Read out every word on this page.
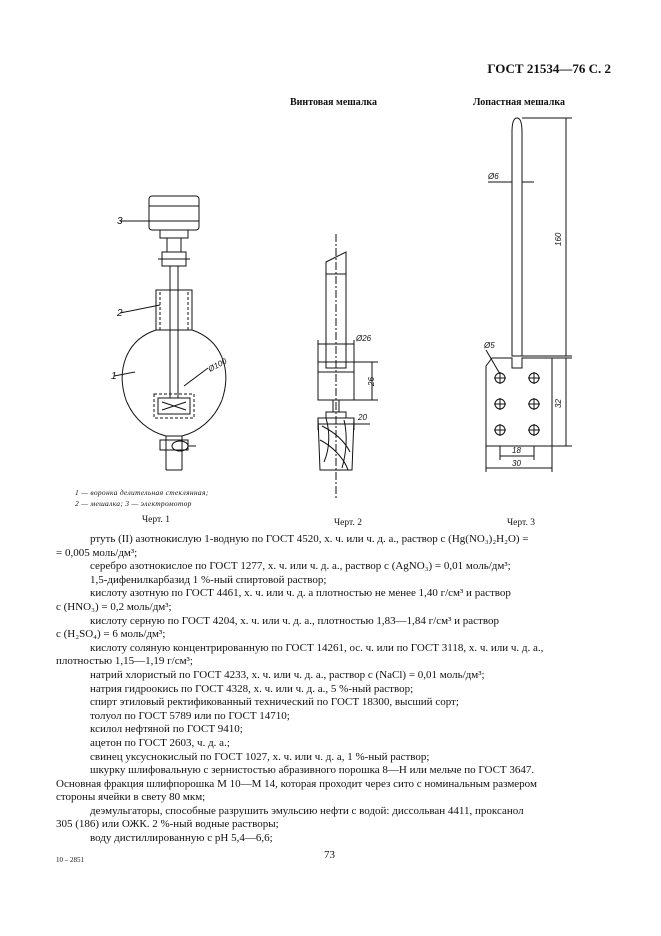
ГОСТ 21534—76 С. 2
Винтовая мешалка	Лопастная мешалка
3
2
1
Ø100
Ø26
26
20
Ø6
Ø5
160
32
18
30
1 — воронка делительная стеклянная;
2 — мешалка; 3 — электромотор
Черт. 1	Черт. 2	Черт. 3

ртуть (II) азотнокислую 1-водную по ГОСТ 4520, х. ч. или ч. д. а., раствор с (Hg(NO₃)₂H₂O) =

= 0,005 моль/дм³;

серебро азотнокислое по ГОСТ 1277, х. ч. или ч. д. а., раствор с (AgNO₃) = 0,01 моль/дм³;

1,5-дифенилкарбазид 1 %-ный спиртовой раствор;

кислоту азотную по ГОСТ 4461, х. ч. или ч. д. а плотностью не менее 1,40 г/см³ и раствор

с (HNO₃) = 0,2 моль/дм³;

кислоту серную по ГОСТ 4204, х. ч. или ч. д. а., плотностью 1,83—1,84 г/см³ и раствор

с (H₂SO₄) = 6 моль/дм³;

кислоту соляную концентрированную по ГОСТ 14261, ос. ч. или по ГОСТ 3118, х. ч. или ч. д. а.,

плотностью 1,15—1,19 г/см³;

натрий хлористый по ГОСТ 4233, х. ч. или ч. д. а., раствор с (NaCl) = 0,01 моль/дм³;

натрия гидроокись по ГОСТ 4328, х. ч. или ч. д. а., 5 %-ный раствор;

спирт этиловый ректификованный технический по ГОСТ 18300, высший сорт;

толуол по ГОСТ 5789 или по ГОСТ 14710;

ксилол нефтяной по ГОСТ 9410;

ацетон по ГОСТ 2603, ч. д. а.;

свинец уксуснокислый по ГОСТ 1027, х. ч. или ч. д. а, 1 %-ный раствор;

шкурку шлифовальную с зернистостью абразивного порошка 8—Н или мельче по ГОСТ 3647.

Основная фракция шлифпорошка М 10—М 14, которая проходит через сито с номинальным размером

стороны ячейки в свету 80 мкм;

деэмульгаторы, способные разрушить эмульсию нефти с водой: диссольван 4411, проксанол

305 (186) или ОЖК. 2 %-ный водные растворы;

воду дистиллированную с pH 5,4—6,6;

10 – 2851	73
